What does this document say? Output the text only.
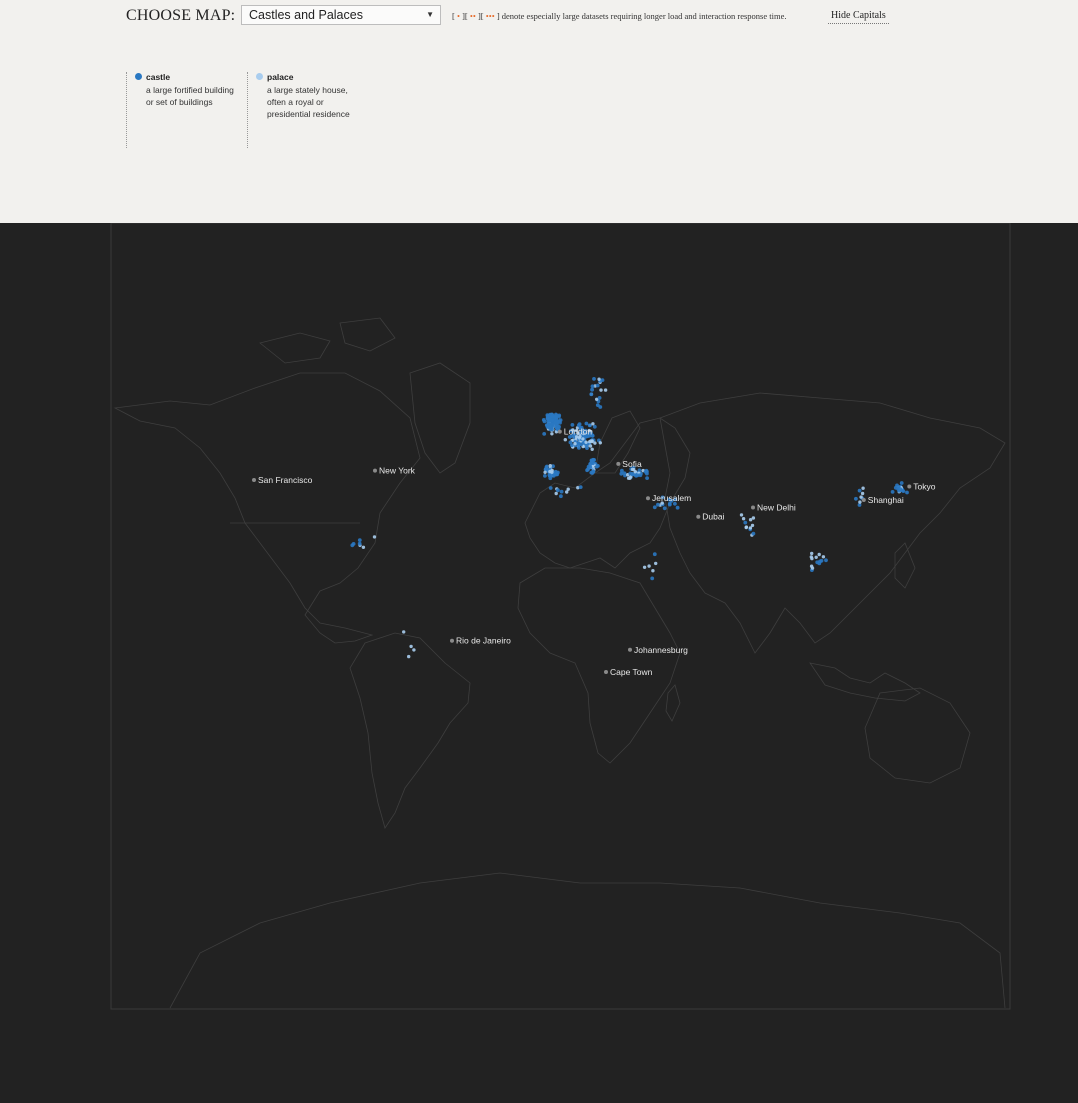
CHOOSE MAP: Castles and Palaces	▼ [ • ][ •• ][ ••• ] denote especially large datasets requiring longer load and interaction response time.	Hide Capitals
castle
a large fortified building
or set of buildings
palace
a large stately house,
often a royal or
presidential residence
San Francisco
New York
London
Sofia
Jerusalem
Dubai
New Delhi
Shanghai
Tokyo
Rio de Janeiro
Johannesburg
Cape Town
